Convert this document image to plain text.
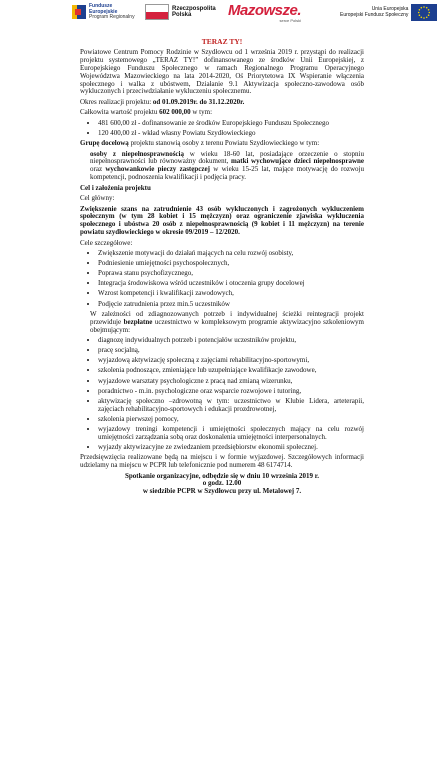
Fundusze
Europejskie
Program Regionalny
Rzeczpospolita
Polska	Mazowsze.
serce Polski
Unia Europejska
Europejski Fundusz Społeczny
TERAZ TY!

Powiatowe Centrum Pomocy Rodzinie w Szydłowcu od 1 września 2019 r. przystąpi do realizacji projektu systemowego „TERAZ TY!” dofinansowanego ze środków Unii Europejskiej, z Europejskiego Funduszu Społecznego w ramach Regionalnego Programu Operacyjnego Województwa Mazowieckiego na lata 2014-2020, Oś Priorytetowa IX Wspieranie włączenia społecznego i walka z ubóstwem, Działanie 9.1 Aktywizacja społeczno-zawodowa osób wykluczonych i przeciwdziałanie wykluczeniu społecznemu.

Okres realizacji projektu: od 01.09.2019r. do 31.12.2020r.

Całkowita wartość projektu 602 000,00 w tym:

• 481 600,00 zł - dofinansowanie ze środków Europejskiego Funduszu Społecznego
• 120 400,00 zł - wkład własny Powiatu Szydłowieckiego

Grupę docelową projektu stanowią osoby z terenu Powiatu Szydłowieckiego w tym:

osoby z niepełnosprawnością w wieku 18-60 lat, posiadające orzeczenie o stopniu niepełnosprawności lub równoważny dokument, matki wychowujące dzieci niepełnosprawne oraz wychowankowie pieczy zastępczej w wieku 15-25 lat, mające motywację do rozwoju kompetencji, podnoszenia kwalifikacji i podjęcia pracy.

Cel i założenia projektu

Cel główny:

Zwiększenie szans na zatrudnienie 43 osób wykluczonych i zagrożonych wykluczeniem społecznym (w tym 28 kobiet i 15 mężczyzn) oraz ograniczenie zjawiska wykluczenia społecznego i ubóstwa 20 osób z niepełnosprawnością (9 kobiet i 11 mężczyzn) na terenie powiatu szydłowieckiego w okresie 09/2019 – 12/2020.

Cele szczegółowe:

• Zwiększenie motywacji do działań mających na celu rozwój osobisty,
• Podniesienie umiejętności psychospołecznych,
• Poprawa stanu psychofizycznego,
• Integracja środowiskowa wśród uczestników i otoczenia grupy docelowej
• Wzrost kompetencji i kwalifikacji zawodowych,
• Podjęcie zatrudnienia przez min.5 uczestników

W zależności od zdiagnozowanych potrzeb i indywidualnej ścieżki reintegracji projekt przewiduje bezpłatne uczestnictwo w kompleksowym programie aktywizacyjno szkoleniowym obejmującym:

• diagnozę indywidualnych potrzeb i potencjałów uczestników projektu,
• pracę socjalną,
• wyjazdową aktywizację społeczną z zajęciami rehabilitacyjno-sportowymi,
• szkolenia podnoszące, zmieniające lub uzupełniające kwalifikacje zawodowe,
• wyjazdowe warsztaty psychologiczne z pracą nad zmianą wizerunku,
• poradnictwo - m.in. psychologiczne oraz wsparcie rozwojowe i tutoring,
• aktywizację społeczno –zdrowotną w tym: uczestnictwo w Klubie Lidera, arteterapii, zajęciach rehabilitacyjno-sportowych i edukacji prozdrowotnej,
• szkolenia pierwszej pomocy,
• wyjazdowy treningi kompetencji i umiejętności społecznych mający na celu rozwój umiejętności zarządzania sobą oraz doskonalenia umiejętności interpersonalnych.
• wyjazdy aktywizacyjne ze zwiedzaniem przedsiębiorstw ekonomii społecznej.

Przedsięwzięcia realizowane będą na miejscu i w formie wyjazdowej. Szczegółowych informacji udzielamy na miejscu w PCPR lub telefonicznie pod numerem 48 6174714.

Spotkanie organizacyjne, odbędzie się w dniu 10 września 2019 r.
o godz. 12.00
w siedzibie PCPR w Szydłowcu przy ul. Metalowej 7.
